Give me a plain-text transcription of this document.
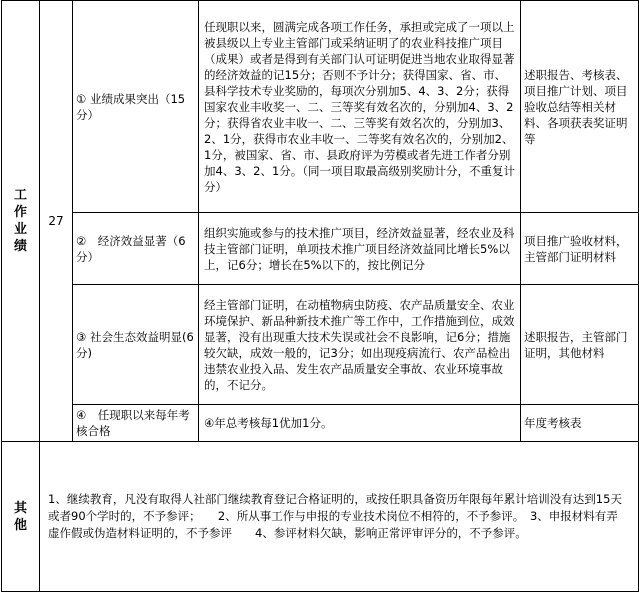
工作业绩	27	① 业绩成果突出（15分）	任现职以来，圆满完成各项工作任务，承担或完成了一项以上被县级以上专业主管部门或采纳证明了的农业科技推广项目（成果）或者是得到有关部门认可证明促进当地农业取得显著的经济效益的记15分；否则不予计分；获得国家、省、市、县科学技术专业奖励的，每项次分别加5、4、3、2分；获得国家农业丰收奖一、二、三等奖有效名次的，分别加4、3、2分；获得省农业丰收一、二、三等奖有效名次的，分别加3、2、1分，获得市农业丰收一、二等奖有效名次的，分别加2、1分，被国家、省、市、县政府评为劳模或者先进工作者分别加4、3、2、1分。（同一项目取最高级别奖励计分，不重复计分）	述职报告、考核表、项目推广计划、项目验收总结等相关材料、各项获表奖证明等
		②　经济效益显著（6分）	组织实施或参与的技术推广项目，经济效益显著，经农业及科技主管部门证明，单项技术推广项目经济效益同比增长5%以上，记6分；增长在5%以下的，按比例记分	项目推广验收材料，主管部门证明材料
		③ 社会生态效益明显(6分)	经主管部门证明，在动植物病虫防疫、农产品质量安全、农业环境保护、新品种新技术推广等工作中，工作措施到位，成效显著，没有出现重大技术失误或社会不良影响，记6分；措施较欠缺，成效一般的，记3分；如出现疫病流行、农产品检出违禁农业投入品、发生农产品质量安全事故、农业环境事故的，不记分。	述职报告，主管部门证明，其他材料
		④　任现职以来每年考核合格	④年总考核每1优加1分。	年度考核表

其他	1、继续教育，凡没有取得人社部门继续教育登记合格证明的，或按任职具备资历年限每年累计培训没有达到15天或者90个学时的，不予参评；　　2、所从事工作与申报的专业技术岗位不相符的，不予参评。　3、申报材料有弄虚作假或伪造材料证明的，不予参评　　4、参评材料欠缺，影响正常评审评分的，不予参评。			
